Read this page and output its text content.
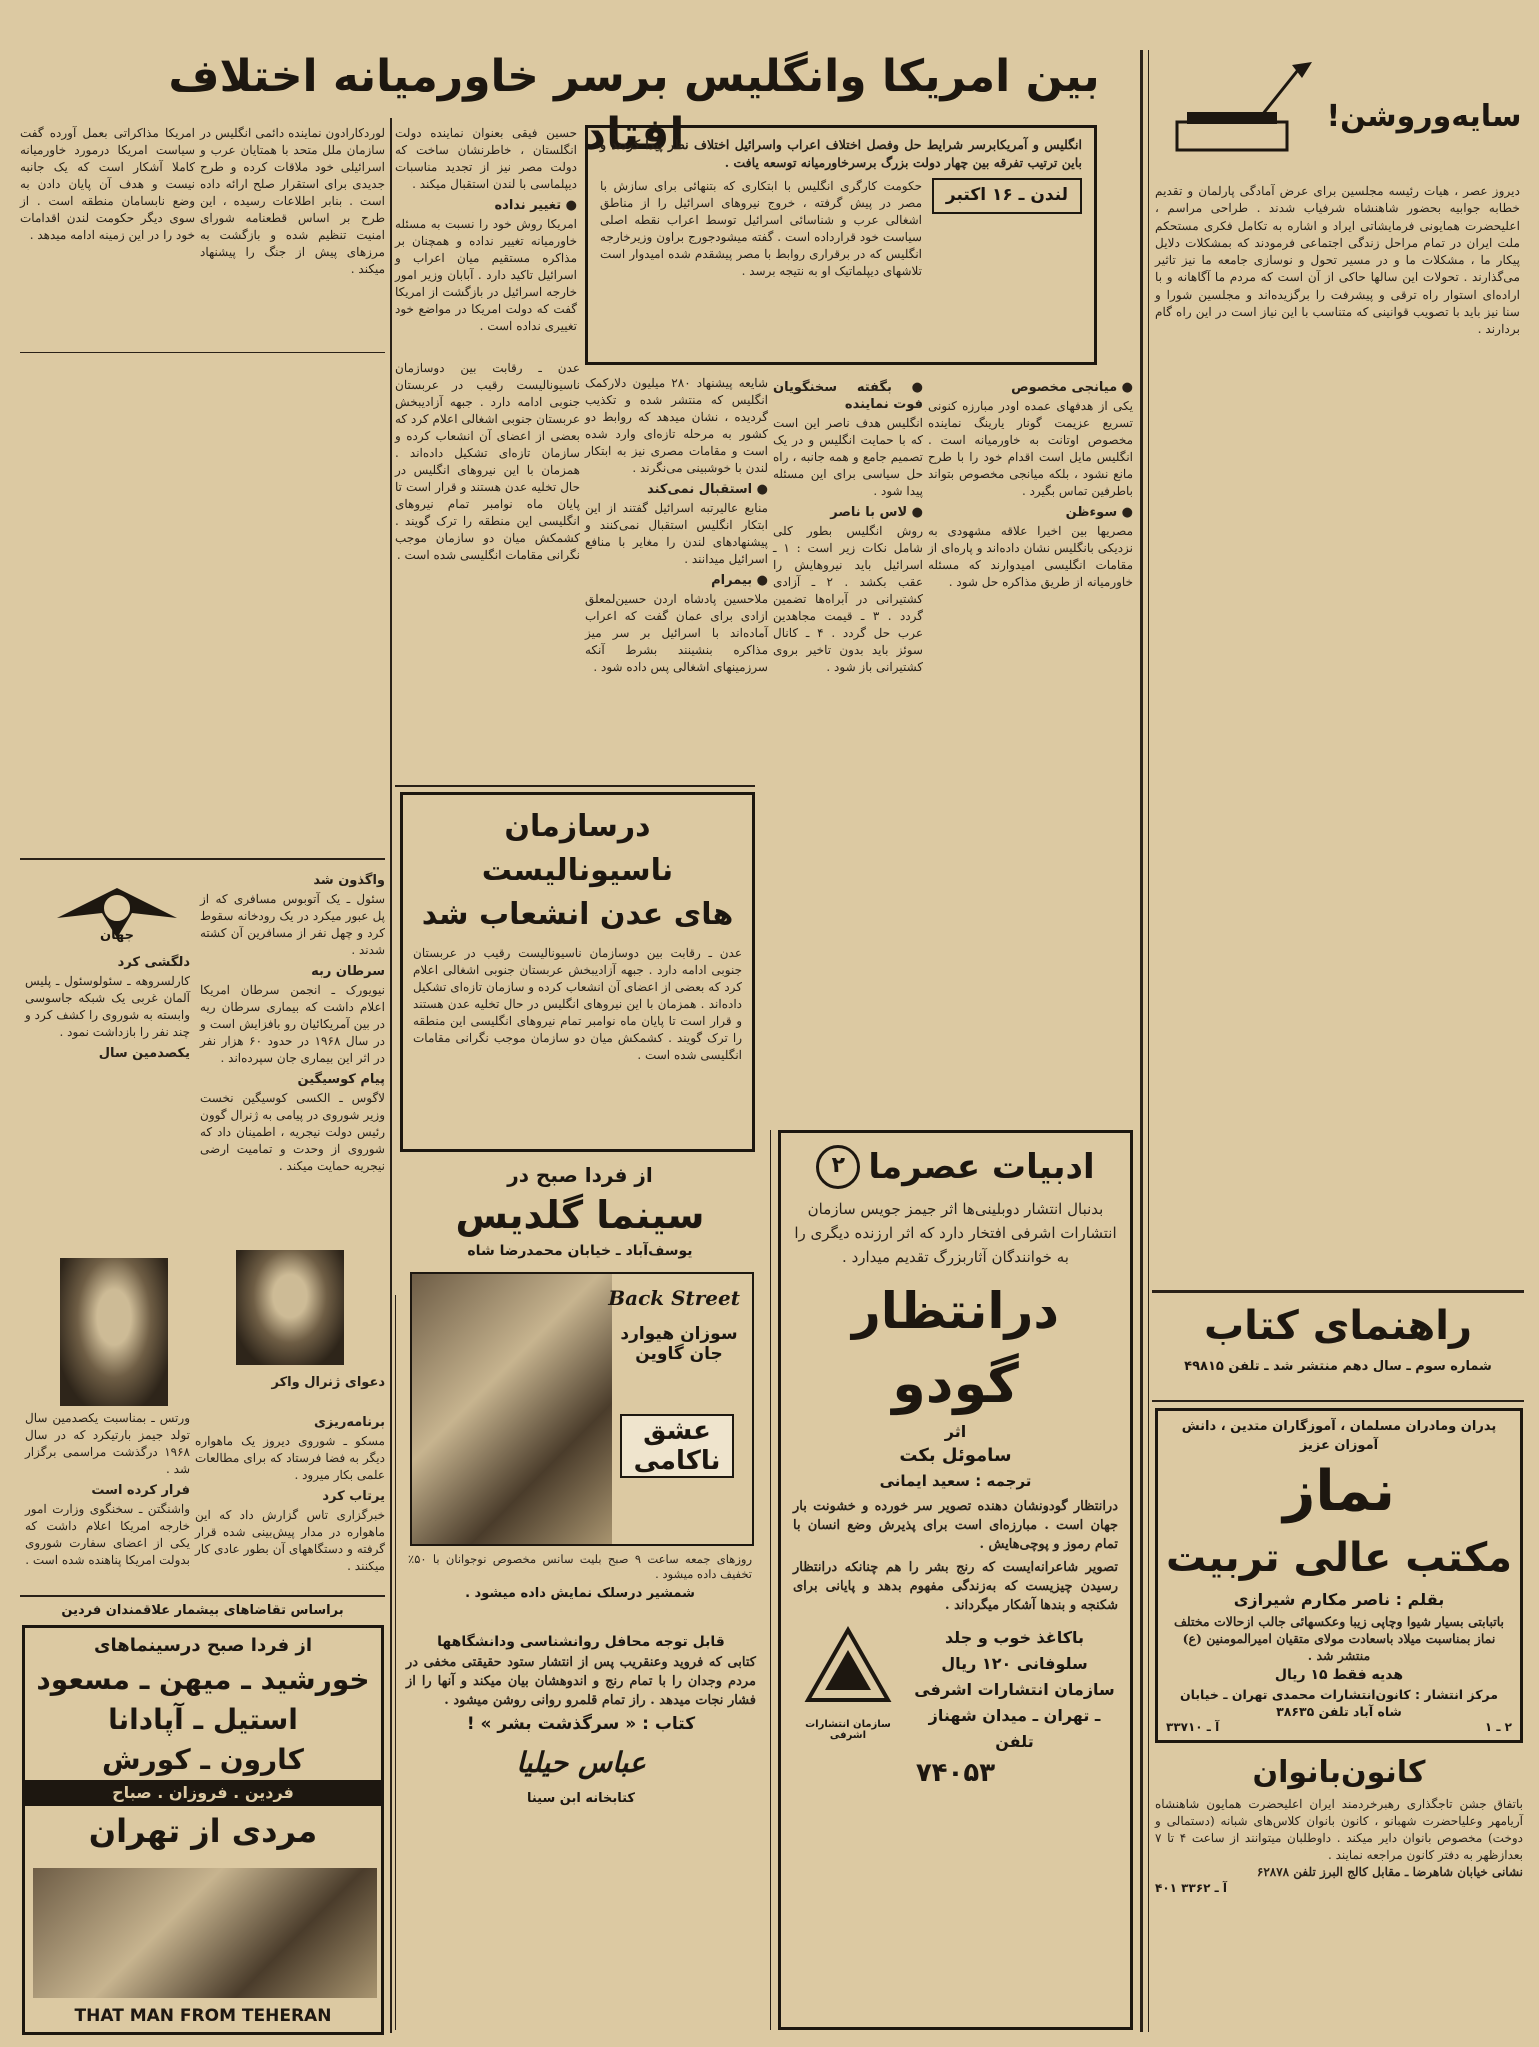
بین امریکا وانگلیس برسر خاورمیانه اختلاف افتاد
انگلیس و آمریکابرسر شرایط حل وفصل اختلاف اعراب واسرائیل اختلاف نظر پیدا کردند و باین ترتیب تفرقه بین چهار دولت بزرگ برسرخاورمیانه توسعه یافت .
لندن ـ ۱۶ اکتبر
حکومت کارگری انگلیس با ابتکاری که بتنهائی برای سازش با مصر در پیش گرفته ، خروج نیروهای اسرائیل را از مناطق اشغالی عرب و شناسائی اسرائیل توسط اعراب نقطه اصلی سیاست خود قرارداده است . گفته میشودجورج براون وزیرخارجه انگلیس که در برقراری روابط با مصر پیشقدم شده امیدوار است تلاشهای دیپلماتیک او به نتیجه برسد .
حسین فیقی بعنوان نماینده دولت انگلستان ، خاطرنشان ساخت که دولت مصر نیز از تجدید مناسبات دیپلماسی با لندن استقبال میکند .
● تغییر نداده
امریکا روش خود را نسبت به مسئله خاورمیانه تغییر نداده و همچنان بر مذاکره مستقیم میان اعراب و اسرائیل تاکید دارد . آبابان وزیر امور خارجه اسرائیل در بازگشت از امریکا گفت که دولت امریکا در مواضع خود تغییری نداده است .
امریکا مذاکراتی بعمل آورده گفت سیاست امریکا درمورد خاورمیانه کاملا آشکار است که یک جانبه نیست و هدف آن پایان دادن به وضع نابسامان منطقه است . از سوی دیگر حکومت لندن اقدامات خود را در این زمینه ادامه میدهد .
لوردکارادون نماینده دائمی انگلیس در سازمان ملل متحد با همتایان عرب و اسرائیلی خود ملاقات کرده و طرح جدیدی برای استقرار صلح ارائه داده است . بنابر اطلاعات رسیده ، این طرح بر اساس قطعنامه شورای امنیت تنظیم شده و بازگشت به مرزهای پیش از جنگ را پیشنهاد میکند .
● میانجی مخصوص
یکی از هدفهای عمده اودر مبارزه کنونی تسریع عزیمت گونار یارینگ نماینده مخصوص اوتانت به خاورمیانه است . انگلیس مایل است اقدام خود را با طرح مانع نشود ، بلکه میانجی مخصوص بتواند باطرفین تماس بگیرد .
● سوءظن
مصریها بین اخیرا علاقه مشهودی به نزدیکی بانگلیس نشان داده‌اند و پاره‌ای از مقامات انگلیسی امیدوارند که مسئله خاورمیانه از طریق مذاکره حل شود .
● بگفته سخنگویان فوت نماینده
انگلیس هدف ناصر این است که با حمایت انگلیس و در یک تصمیم جامع و همه جانبه ، راه حل سیاسی برای این مسئله پیدا شود .
● لاس با ناصر
روش انگلیس بطور کلی شامل نکات زیر است : ۱ ـ اسرائیل باید نیروهایش را عقب بکشد . ۲ ـ آزادی کشتیرانی در آبراه‌ها تضمین گردد . ۳ ـ قیمت مجاهدین عرب حل گردد . ۴ ـ کانال سوئز باید بدون تاخیر بروی کشتیرانی باز شود .
شایعه پیشنهاد ۲۸۰ میلیون دلارکمک انگلیس که منتشر شده و تکذیب گردیده ، نشان میدهد که روابط دو کشور به مرحله تازه‌ای وارد شده است و مقامات مصری نیز به ابتکار لندن با خوشبینی می‌نگرند .
● استقبال نمی‌کند
منابع عالیرتبه اسرائیل گفتند از این ابتکار انگلیس استقبال نمی‌کنند و پیشنهادهای لندن را مغایر با منافع اسرائیل میدانند .
● بیمرام
ملاحسین پادشاه اردن حسین‌لمعلق ازادی برای عمان گفت که اعراب آماده‌اند با اسرائیل بر سر میز مذاکره بنشینند بشرط آنکه سرزمینهای اشغالی پس داده شود .
عدن ـ رقابت بین دوسازمان ناسیونالیست رقیب در عربستان جنوبی ادامه دارد . جبهه آزادیبخش عربستان جنوبی اشغالی اعلام کرد که بعضی از اعضای آن انشعاب کرده و سازمان تازه‌ای تشکیل داده‌اند . همزمان با این نیروهای انگلیس در حال تخلیه عدن هستند و قرار است تا پایان ماه نوامبر تمام نیروهای انگلیسی این منطقه را ترک گویند . کشمکش میان دو سازمان موجب نگرانی مقامات انگلیسی شده است .
جهان
دلگشی کرد
کارلسروهه ـ سئولوسئول ـ پلیس آلمان غربی یک شبکه جاسوسی وابسته به شوروی را کشف کرد و چند نفر را بازداشت نمود .
یکصدمین سال
ورتس ـ بمناسبت یکصدمین سال تولد جیمز بارتیکرد که در سال ۱۹۶۸ درگذشت مراسمی برگزار شد .
فرار کرده است
واشنگتن ـ سخنگوی وزارت امور خارجه امریکا اعلام داشت که یکی از اعضای سفارت شوروی بدولت امریکا پناهنده شده است .
برنامه‌ریزی
مسکو ـ شوروی دیروز یک ماهواره دیگر به فضا فرستاد که برای مطالعات علمی بکار میرود .
یرتاب کرد
خبرگزاری تاس گزارش داد که این ماهواره در مدار پیش‌بینی شده قرار گرفته و دستگاههای آن بطور عادی کار میکنند .
واگذون شد
سئول ـ یک آتوبوس مسافری که از پل عبور میکرد در یک رودخانه سقوط کرد و چهل نفر از مسافرین آن کشته شدند .
سرطان ربه
نیویورک ـ انجمن سرطان امریکا اعلام داشت که بیماری سرطان ریه در بین آمریکائیان رو بافزایش است و در سال ۱۹۶۸ در حدود ۶۰ هزار نفر در اثر این بیماری جان سپرده‌اند .
پیام کوسیگین
لاگوس ـ الکسی کوسیگین نخست وزیر شوروی در پیامی به ژنرال گوون رئیس دولت نیجریه ، اطمینان داد که شوروی از وحدت و تمامیت ارضی نیجریه حمایت میکند .
دعوای ژنرال واکر
درسازمان ناسیونالیست
های عدن انشعاب شد
عدن ـ رقابت بین دوسازمان ناسیونالیست رقیب در عربستان جنوبی ادامه دارد . جبهه آزادیبخش عربستان جنوبی اشغالی اعلام کرد که بعضی از اعضای آن انشعاب کرده و سازمان تازه‌ای تشکیل داده‌اند . همزمان با این نیروهای انگلیس در حال تخلیه عدن هستند و قرار است تا پایان ماه نوامبر تمام نیروهای انگلیسی این منطقه را ترک گویند . کشمکش میان دو سازمان موجب نگرانی مقامات انگلیسی شده است .
از فردا صبح در
سینما گلدیس
یوسف‌آباد ـ خیابان محمدرضا شاه
Back Street
سوزان هیوارد جان گاوین
عشق ناکامی
روزهای جمعه ساعت ۹ صبح بلیت سانس مخصوص نوجوانان با ۵۰٪ تخفیف داده میشود .
شمشیر درسلک نمایش داده میشود .
براساس تقاضاهای بیشمار علاقمندان فردین
از فردا صبح درسینماهای
خورشید ـ میهن ـ مسعود
استیل ـ آپادانا
کارون ـ کورش
فردین . فروزان . صباح
مردی از تهران
THAT MAN FROM TEHERAN
ادبیات عصرما
۲
بدنبال انتشار دوبلینی‌ها اثر جیمز جویس سازمان انتشارات اشرفی افتخار دارد که اثر ارزنده دیگری را به خوانندگان آثاربزرگ تقدیم میدارد .
درانتظار
گودو
اثر
ساموئل بکت
ترجمه : سعید ایمانی
درانتظار گودونشان دهنده تصویر سر خورده و خشونت بار جهان است . مبارزه‌ای است برای پذیرش وضع انسان با تمام رموز و پوچی‌هایش .
تصویر شاعرانه‌ایست که رنج بشر را هم چنانکه درانتظار رسیدن چیزیست که به‌زندگی مفهوم بدهد و پایانی برای شکنجه و بندها آشکار میگرداند .
باکاغذ خوب و جلد سلوفانی ۱۲۰ ریال سازمان انتشارات اشرفی ـ تهران ـ میدان شهناز تلفن
سازمان انتشارات اشرفی
۷۴۰۵۳
قابل توجه محافل روانشناسی ودانشگاهها
کتابی که فروید وعنقریب پس از انتشار ستود حقیقتی مخفی در مردم وجدان را با تمام رنج و اندوهشان بیان میکند و آنها را از فشار نجات میدهد . راز تمام قلمرو روانی روشن میشود .
کتاب : « سرگذشت بشر » !
عباس حیلیا
کتابخانه ابن سینا
سایه‌وروشن!
دیروز عصر ، هیات رئیسه مجلسین برای عرض آمادگی پارلمان و تقدیم خطابه جوابیه بحضور شاهنشاه شرفیاب شدند . طراحی مراسم ، اعلیحضرت همایونی فرمایشاتی ایراد و اشاره به تکامل فکری مستحکم ملت ایران در تمام مراحل زندگی اجتماعی فرمودند که بمشکلات دلایل پیکار ما ، مشکلات ما و در مسیر تحول و نوسازی جامعه ما نیز تاثیر می‌گذارند . تحولات این سالها حاکی از آن است که مردم ما آگاهانه و با اراده‌ای استوار راه ترقی و پیشرفت را برگزیده‌اند و مجلسین شورا و سنا نیز باید با تصویب قوانینی که متناسب با این نیاز است در این راه گام بردارند .
راهنمای کتاب
شماره سوم ـ سال دهم منتشر شد ـ تلفن ۴۹۸۱۵
پدران ومادران مسلمان ، آموزگاران متدین ، دانش آموزان عزیز
نماز
مکتب عالی تربیت
بقلم : ناصر مکارم شیرازی
باتبابتی بسیار شیوا وچاپی زیبا وعکسهائی جالب ازحالات مختلف نماز بمناسبت میلاد باسعادت مولای متقیان امیرالمومنین (ع) منتشر شد .
هدیه فقط ۱۵ ریال
مرکز انتشار : کانون‌انتشارات محمدی تهران ـ خیابان شاه آباد تلفن ۳۸۶۳۵
۲ ـ ۱
آ ـ ۳۳۷۱۰
کانون‌بانوان
باتفاق جشن تاجگذاری رهبرخردمند ایران اعلیحضرت همایون شاهنشاه آریامهر وعلیاحضرت شهبانو ، کانون بانوان کلاس‌های شبانه (دستمالی و دوخت) مخصوص بانوان دایر میکند . داوطلبان میتوانند از ساعت ۴ تا ۷ بعدازظهر به دفتر کانون مراجعه نمایند .
نشانی خیابان شاهرضا ـ مقابل کالج البرز تلفن ۶۲۸۷۸
آ ـ ۳۳۶۲ ۴۰۱
